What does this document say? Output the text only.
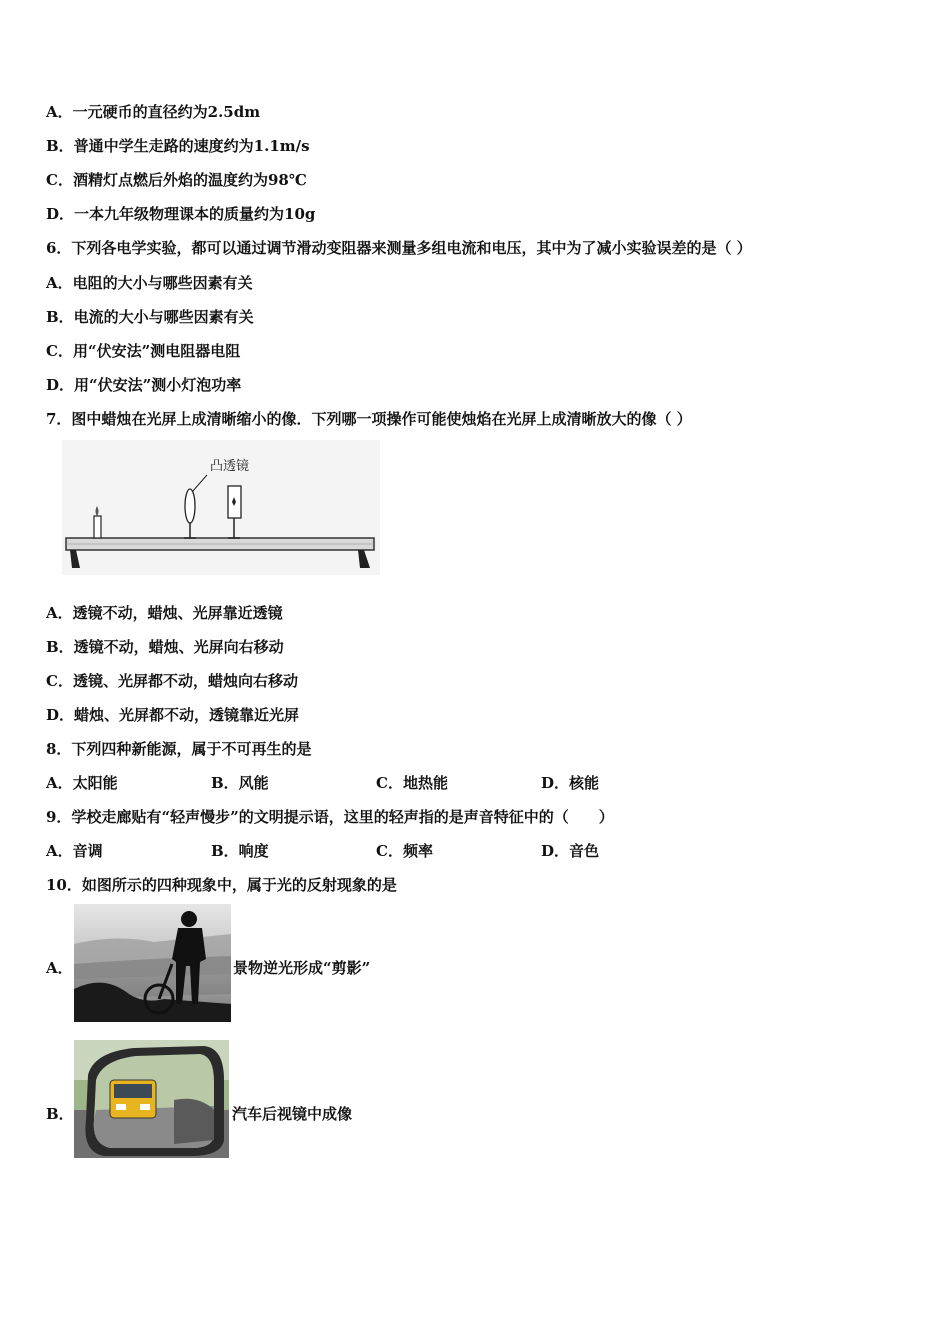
A．一元硬币的直径约为2.5dm
B．普通中学生走路的速度约为1.1m/s
C．酒精灯点燃后外焰的温度约为98℃
D．一本九年级物理课本的质量约为10g
6．下列各电学实验，都可以通过调节滑动变阻器来测量多组电流和电压，其中为了减小实验误差的是（ ）
A．电阻的大小与哪些因素有关
B．电流的大小与哪些因素有关
C．用“伏安法”测电阻器电阻
D．用“伏安法”测小灯泡功率
7．图中蜡烛在光屏上成清晰缩小的像．下列哪一项操作可能使烛焰在光屏上成清晰放大的像（ ）
凸透镜
A．透镜不动，蜡烛、光屏靠近透镜
B．透镜不动，蜡烛、光屏向右移动
C．透镜、光屏都不动，蜡烛向右移动
D．蜡烛、光屏都不动，透镜靠近光屏
8．下列四种新能源，属于不可再生的是
A．太阳能	B．风能	C．地热能	D．核能
9．学校走廊贴有“轻声慢步”的文明提示语，这里的轻声指的是声音特征中的（　　）
A．音调	B．响度	C．频率	D．音色
10．如图所示的四种现象中，属于光的反射现象的是
A．	景物逆光形成“剪影”
B．	汽车后视镜中成像
